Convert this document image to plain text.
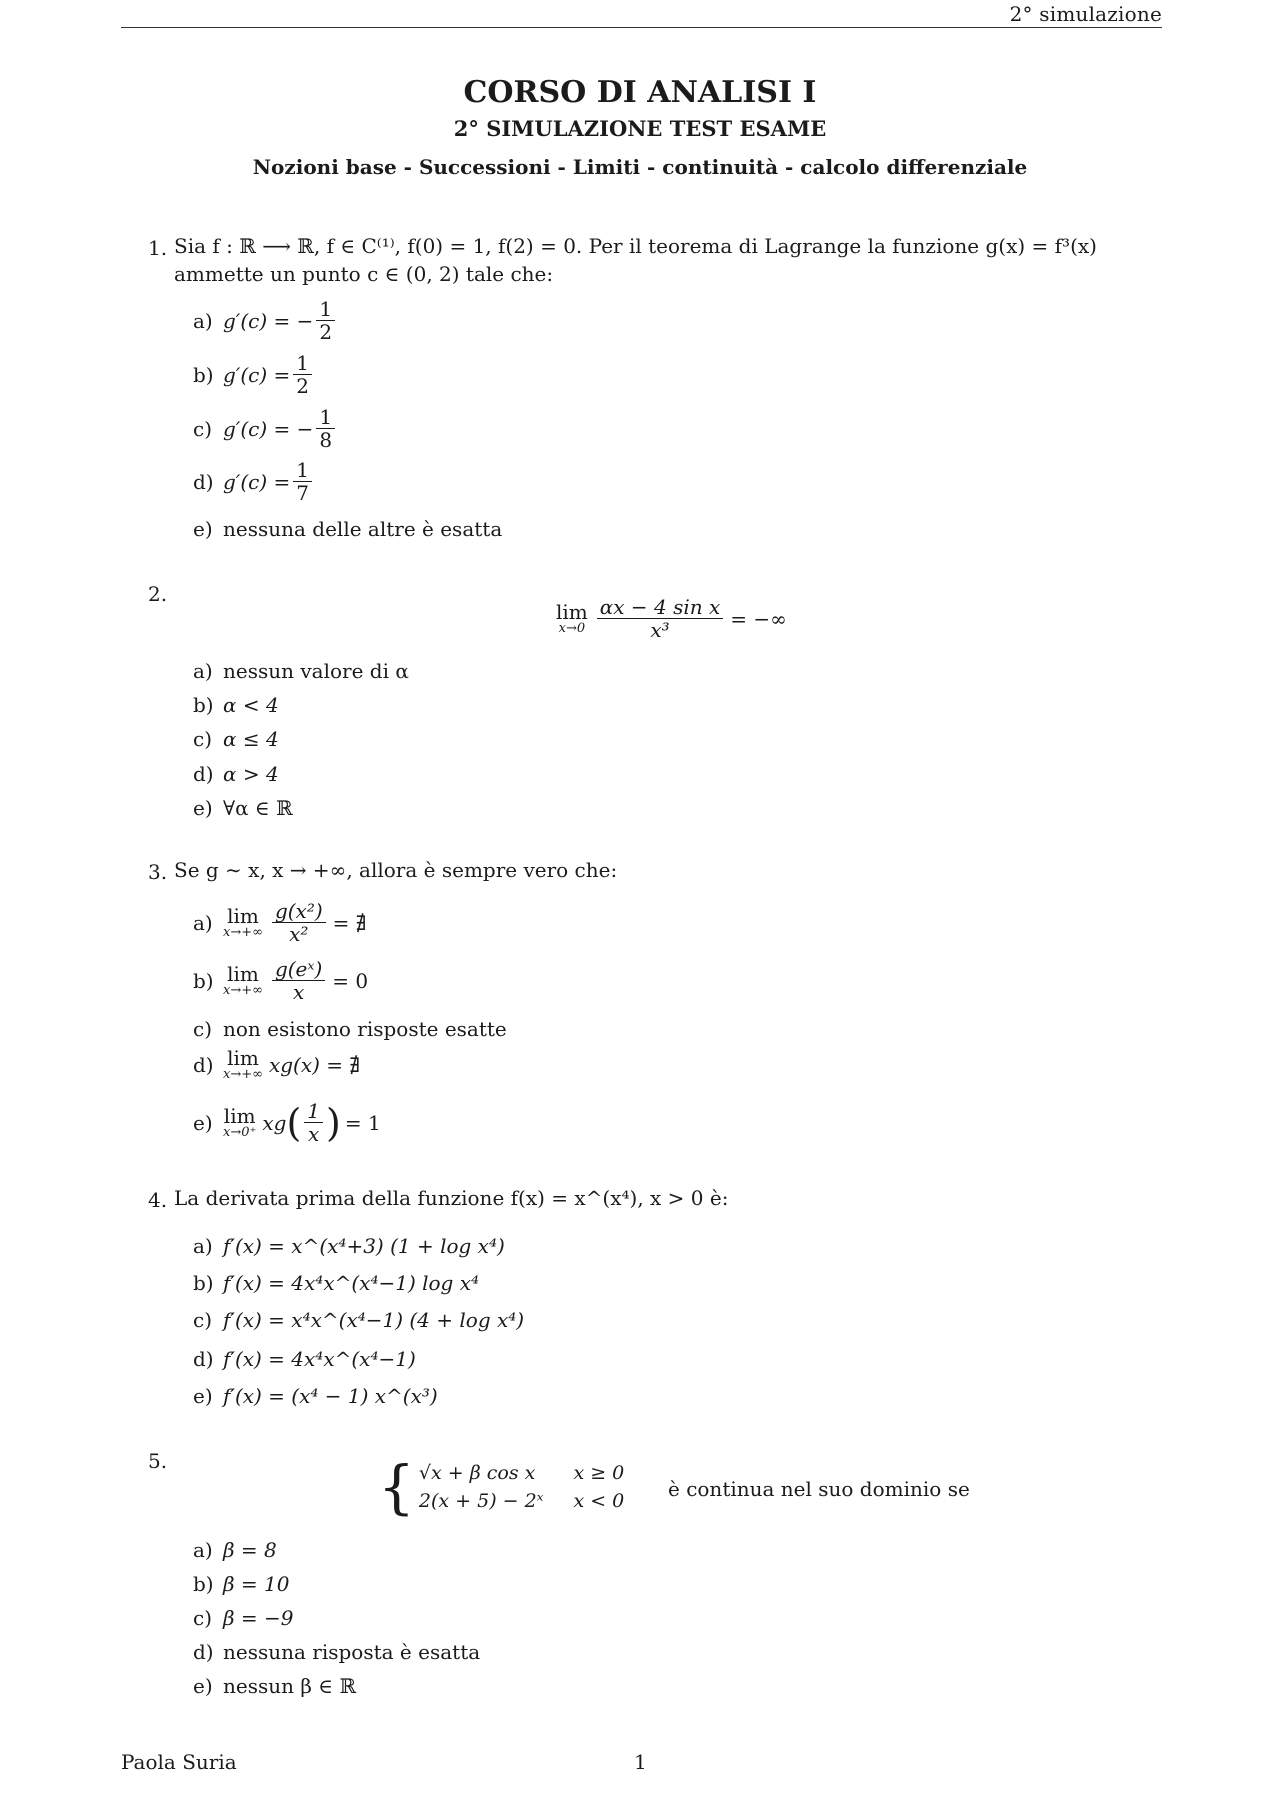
2° simulazione
CORSO DI ANALISI I
2° SIMULAZIONE TEST ESAME
Nozioni base - Successioni - Limiti - continuità - calcolo differenziale
1. Sia f : ℝ ⟶ ℝ, f ∈ C⁽¹⁾, f(0) = 1, f(2) = 0. Per il teorema di Lagrange la funzione g(x) = f³(x)
ammette un punto c ∈ (0, 2) tale che:
a) g′(c) = − $\frac{1}{2}$
b) $g'(c) = \frac{1}{2}$
c) g′(c) = − $\frac{1}{8}$
d) $g'(c) = \frac{1}{7}$
e) nessuna delle altre è esatta
2.
lim
$x\to 0 \frac{\text{αx − 4 sin x}}{\text{x³}}$ = −∞
a) nessun valore di α
b) α < 4
c) α ≤ 4
d) α > 4
e) ∀α ∈ ℝ
3. Se g ∼ x, x → +∞, allora è sempre vero che:
a) lim
$x\to+\infty \frac{\text{g(x²)}}{\text{x²}}$ = ∄
b) lim
$x\to+\infty \frac{\text{g(eˣ)}}{x} = 0$
c) non esistono risposte esatte
d) lim
x→+∞ xg(x) = ∄
e) lim
x→0⁺ xg ( $\frac{1}{x}$ ) = 1
4. La derivata prima della funzione f(x) = x^(x⁴), x > 0 è:
a) f′(x) = x^(x⁴+3) (1 + log x⁴)
b) f′(x) = 4x⁴x^(x⁴−1) log x⁴
c) f′(x) = x⁴x^(x⁴−1) (4 + log x⁴)
d) f′(x) = 4x⁴x^(x⁴−1)
e) f′(x) = (x⁴ − 1) x^(x³)
5.	{ √x + β cos x	x ≥ 0
2(x + 5) − 2ˣ x < 0 è continua nel suo dominio se
a) β = 8
b) β = 10
c) β = −9
d) nessuna risposta è esatta
e) nessun β ∈ ℝ
Paola Suria	1
